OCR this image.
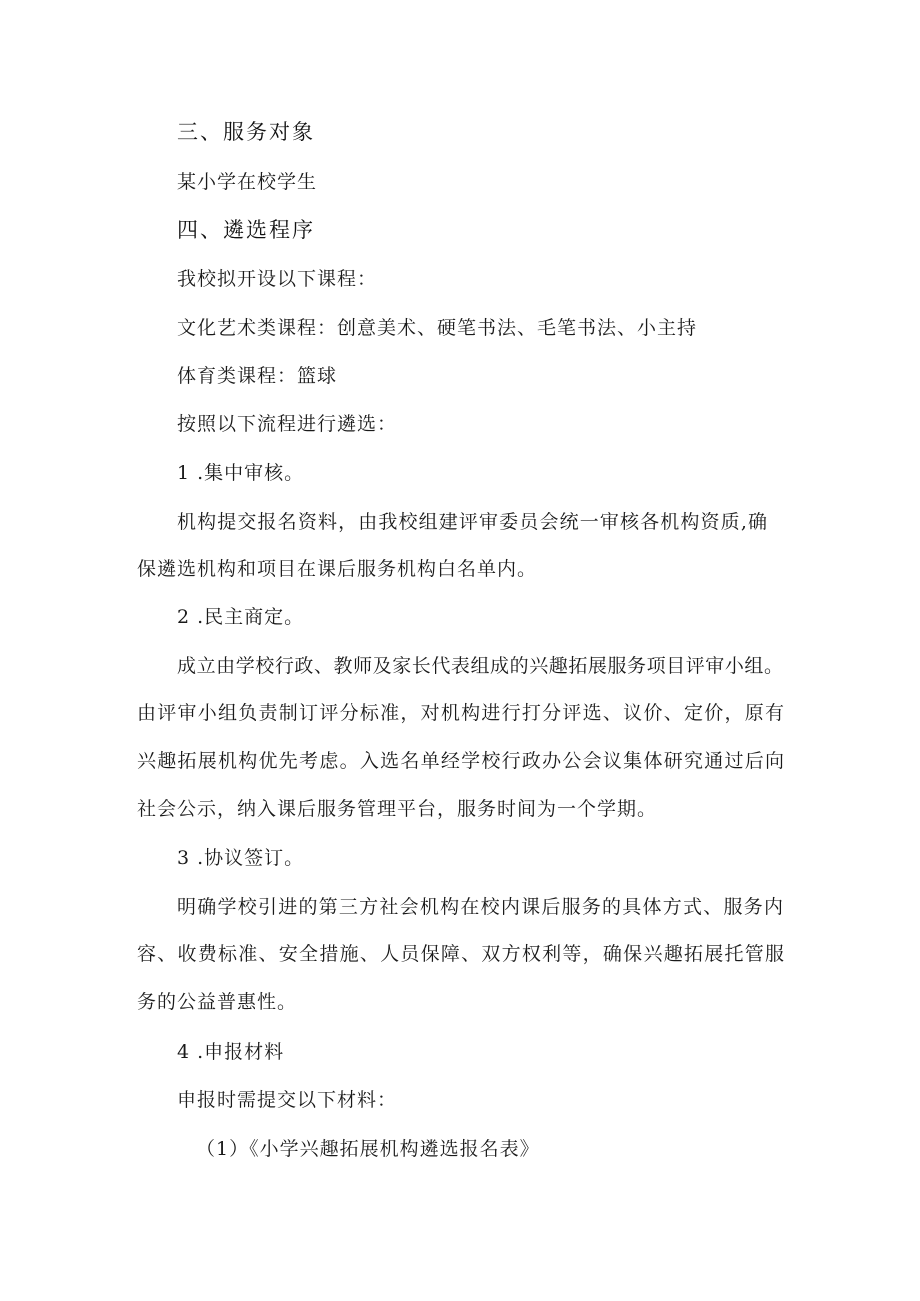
三、服务对象
某小学在校学生
四、遴选程序
我校拟开设以下课程：
文化艺术类课程：创意美术、硬笔书法、毛笔书法、小主持
体育类课程：篮球
按照以下流程进行遴选：
1 .集中审核。
机构提交报名资料，由我校组建评审委员会统一审核各机构资质,确
保遴选机构和项目在课后服务机构白名单内。
2 .民主商定。
成立由学校行政、教师及家长代表组成的兴趣拓展服务项目评审小组。
由评审小组负责制订评分标准，对机构进行打分评选、议价、定价，原有
兴趣拓展机构优先考虑。入选名单经学校行政办公会议集体研究通过后向
社会公示，纳入课后服务管理平台，服务时间为一个学期。
3 .协议签订。
明确学校引进的第三方社会机构在校内课后服务的具体方式、服务内
容、收费标准、安全措施、人员保障、双方权利等，确保兴趣拓展托管服
务的公益普惠性。
4 .申报材料
申报时需提交以下材料：
（1）《小学兴趣拓展机构遴选报名表》
